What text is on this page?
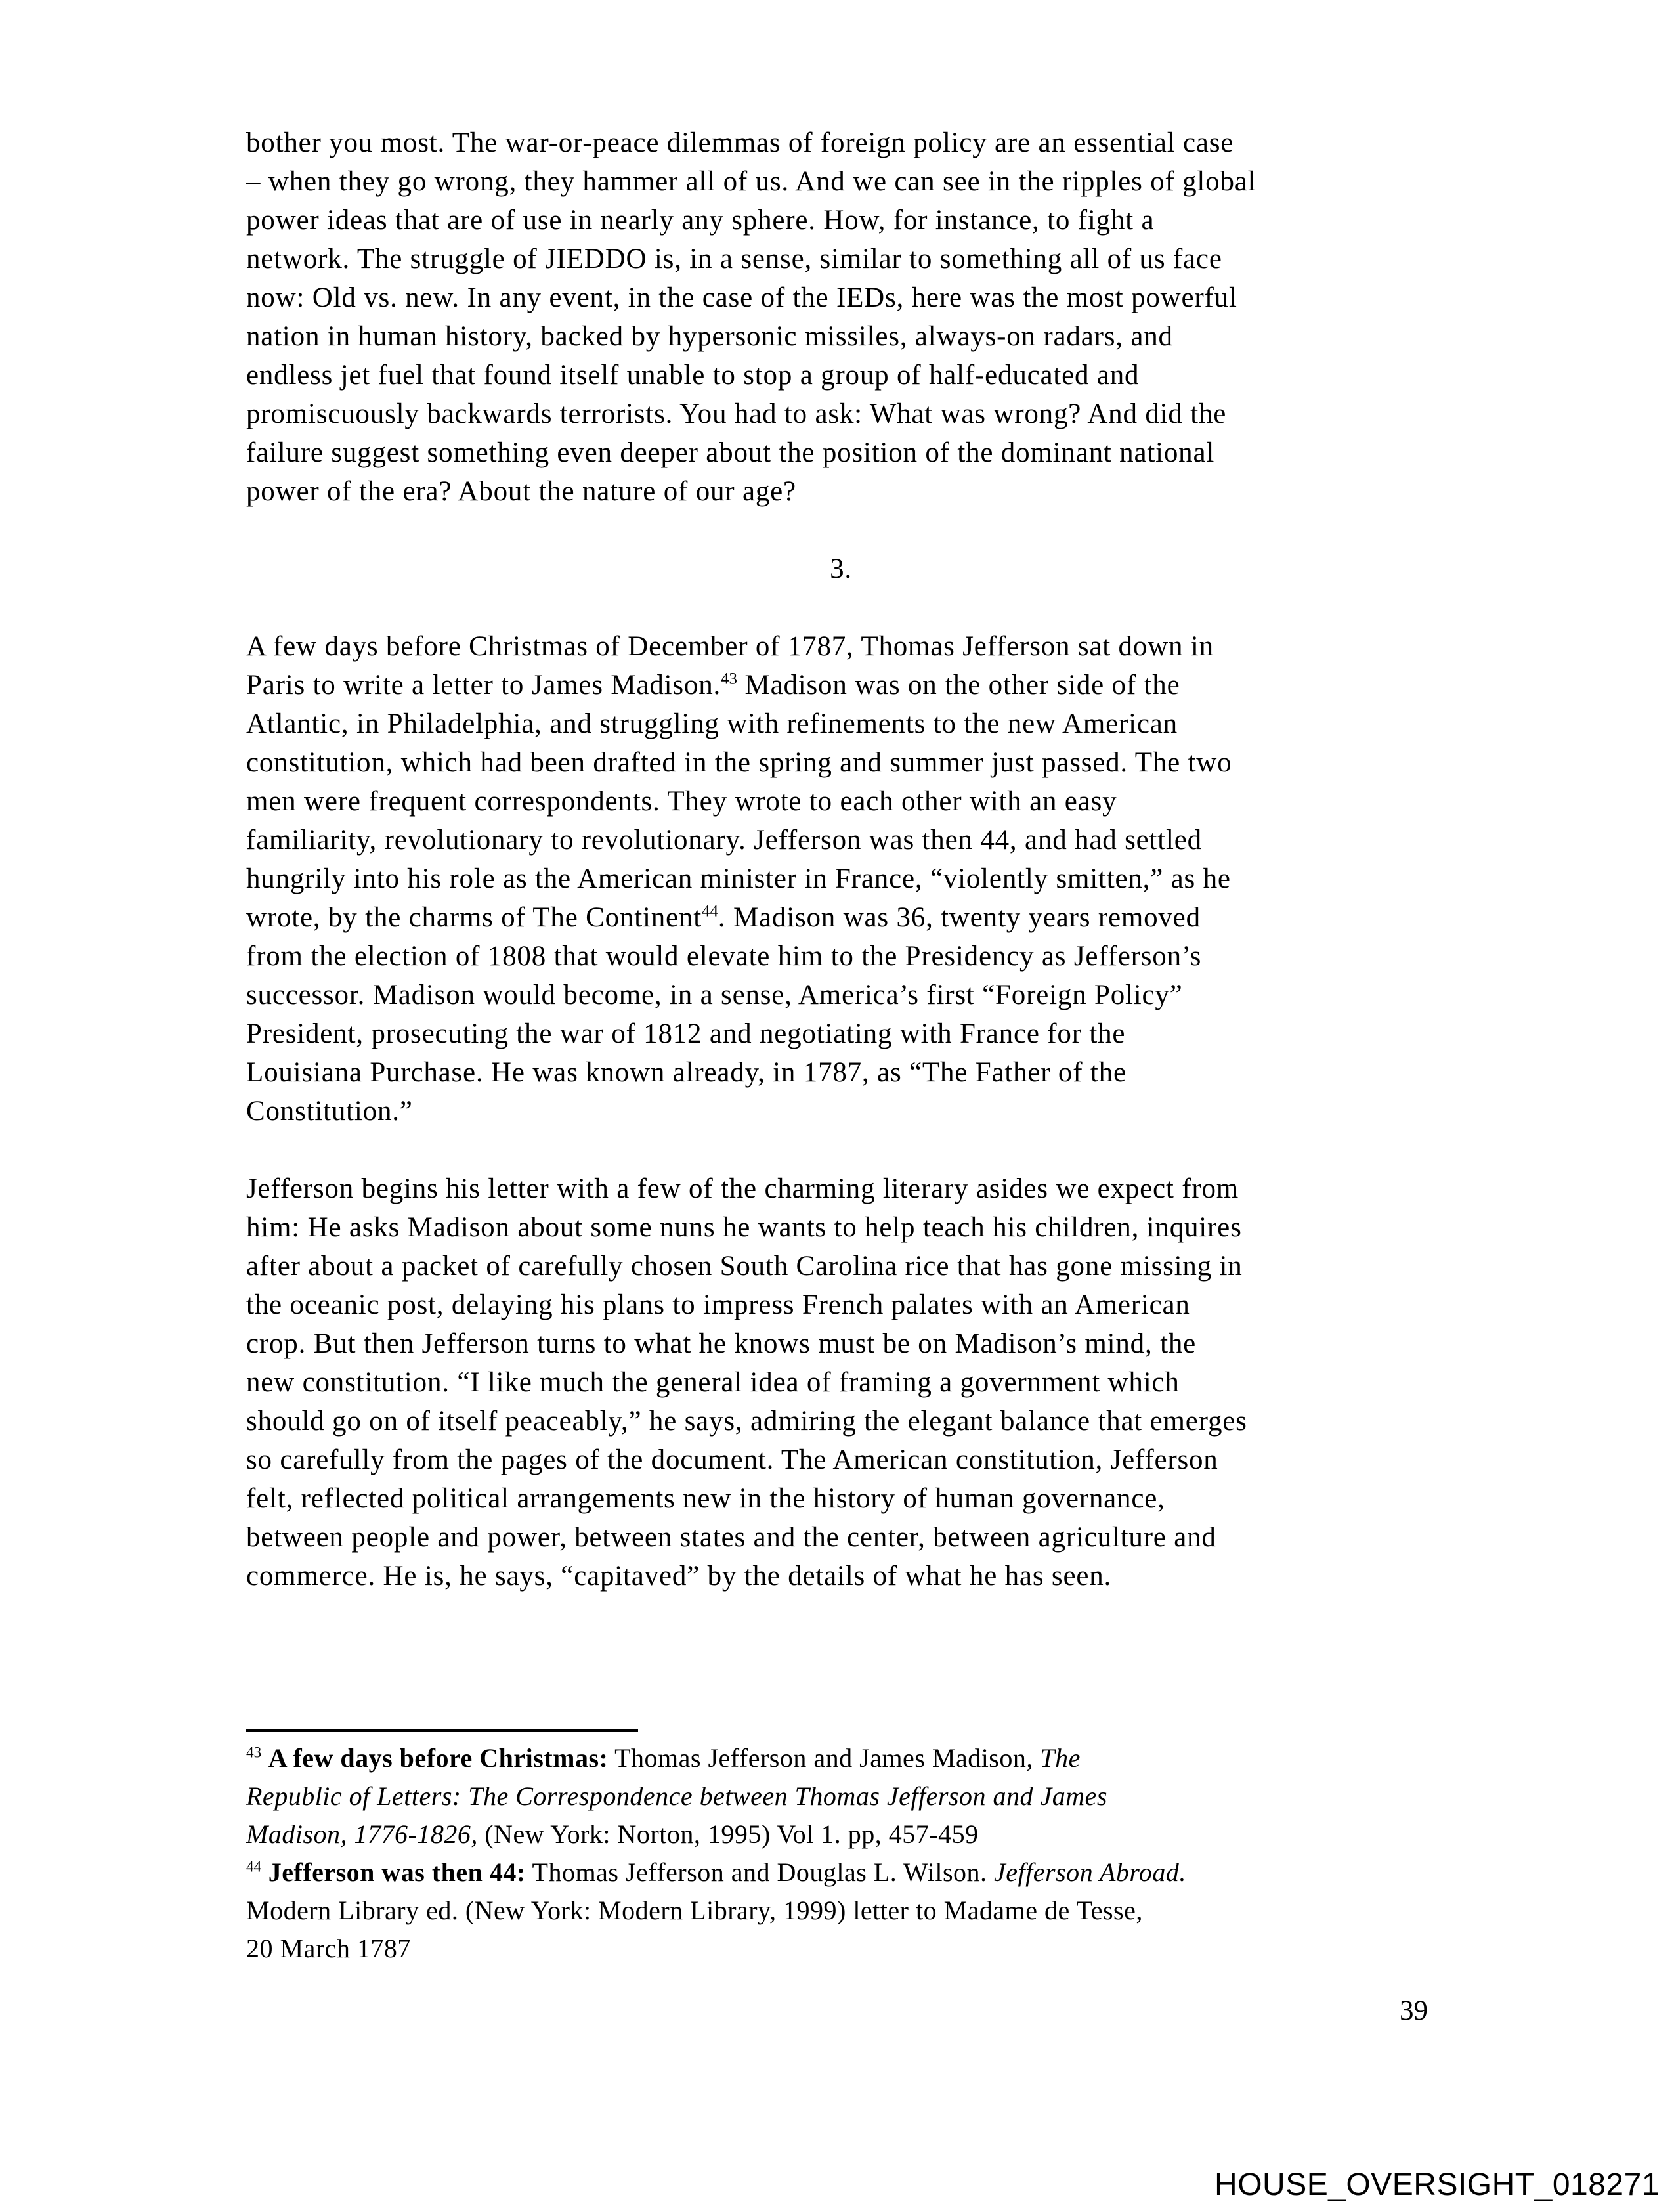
bother you most. The war-or-peace dilemmas of foreign policy are an essential case
– when they go wrong, they hammer all of us. And we can see in the ripples of global
power ideas that are of use in nearly any sphere. How, for instance, to fight a
network. The struggle of JIEDDO is, in a sense, similar to something all of us face
now: Old vs. new. In any event, in the case of the IEDs, here was the most powerful
nation in human history, backed by hypersonic missiles, always-on radars, and
endless jet fuel that found itself unable to stop a group of half-educated and
promiscuously backwards terrorists. You had to ask: What was wrong? And did the
failure suggest something even deeper about the position of the dominant national
power of the era? About the nature of our age?
3.
A few days before Christmas of December of 1787, Thomas Jefferson sat down in
Paris to write a letter to James Madison.$^{43}$ Madison was on the other side of the
Atlantic, in Philadelphia, and struggling with refinements to the new American
constitution, which had been drafted in the spring and summer just passed. The two
men were frequent correspondents. They wrote to each other with an easy
familiarity, revolutionary to revolutionary. Jefferson was then 44, and had settled
hungrily into his role as the American minister in France, “violently smitten,” as he
wrote, by the charms of The Continent$^{44}$. Madison was 36, twenty years removed
from the election of 1808 that would elevate him to the Presidency as Jefferson’s
successor. Madison would become, in a sense, America’s first “Foreign Policy”
President, prosecuting the war of 1812 and negotiating with France for the
Louisiana Purchase. He was known already, in 1787, as “The Father of the
Constitution.”
Jefferson begins his letter with a few of the charming literary asides we expect from
him: He asks Madison about some nuns he wants to help teach his children, inquires
after about a packet of carefully chosen South Carolina rice that has gone missing in
the oceanic post, delaying his plans to impress French palates with an American
crop. But then Jefferson turns to what he knows must be on Madison’s mind, the
new constitution. “I like much the general idea of framing a government which
should go on of itself peaceably,” he says, admiring the elegant balance that emerges
so carefully from the pages of the document. The American constitution, Jefferson
felt, reflected political arrangements new in the history of human governance,
between people and power, between states and the center, between agriculture and
commerce. He is, he says, “capitaved” by the details of what he has seen.
$^{43}$ A few days before Christmas: Thomas Jefferson and James Madison, The
Republic of Letters: The Correspondence between Thomas Jefferson and James
Madison, 1776-1826, (New York: Norton, 1995) Vol 1. pp, 457-459
$^{44}$ Jefferson was then 44: Thomas Jefferson and Douglas L. Wilson. Jefferson Abroad.
Modern Library ed. (New York: Modern Library, 1999) letter to Madame de Tesse,
20 March 1787
39
HOUSE_OVERSIGHT_018271
